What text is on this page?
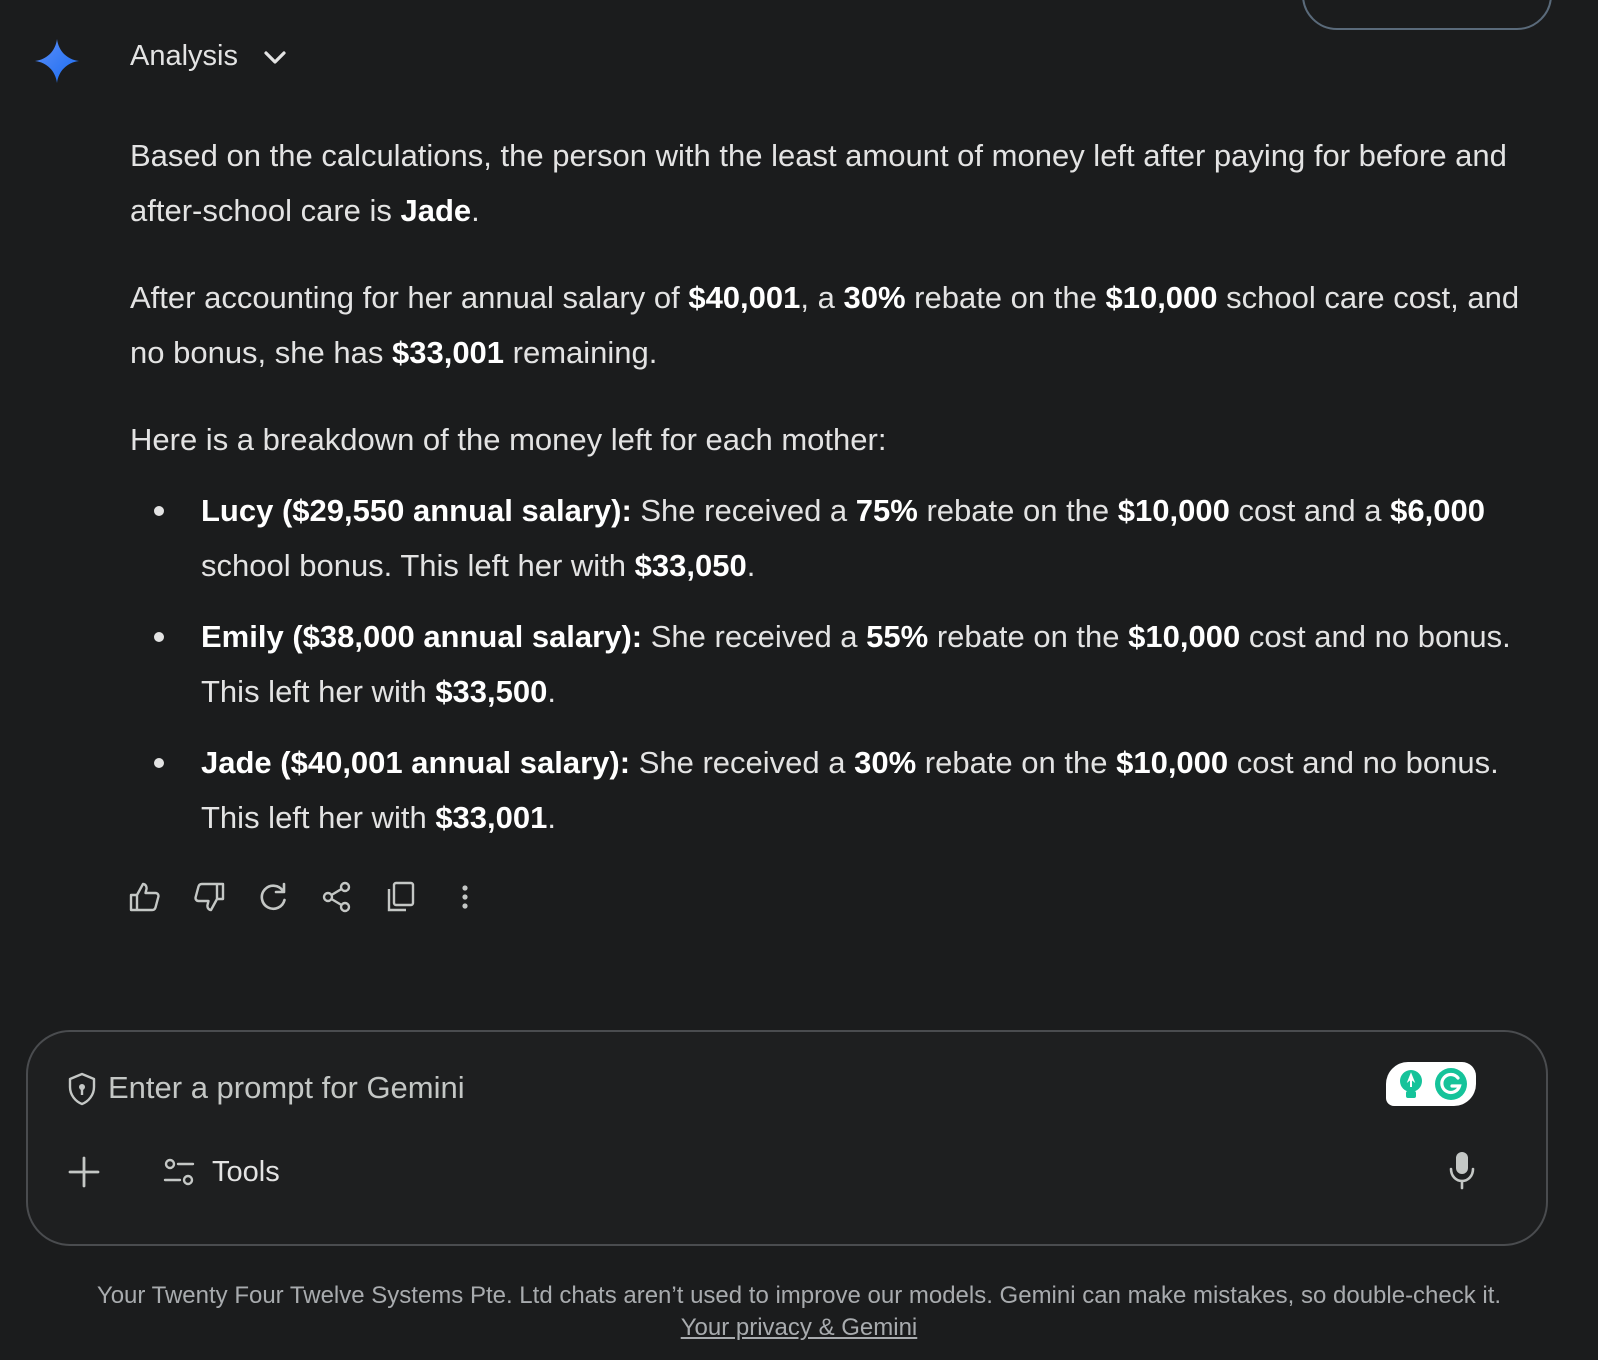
Analysis

Based on the calculations, the person with the least amount of money left after paying for before and after-school care is Jade.

After accounting for her annual salary of $40,001, a 30% rebate on the $10,000 school care cost, and no bonus, she has $33,001 remaining.

Here is a breakdown of the money left for each mother:

Lucy ($29,550 annual salary): She received a 75% rebate on the $10,000 cost and a $6,000 school bonus. This left her with $33,050.
Emily ($38,000 annual salary): She received a 55% rebate on the $10,000 cost and no bonus. This left her with $33,500.
Jade ($40,001 annual salary): She received a 30% rebate on the $10,000 cost and no bonus. This left her with $33,001.
Enter a prompt for Gemini
Tools
Your Twenty Four Twelve Systems Pte. Ltd chats aren’t used to improve our models. Gemini can make mistakes, so double-check it.
Your privacy & Gemini
